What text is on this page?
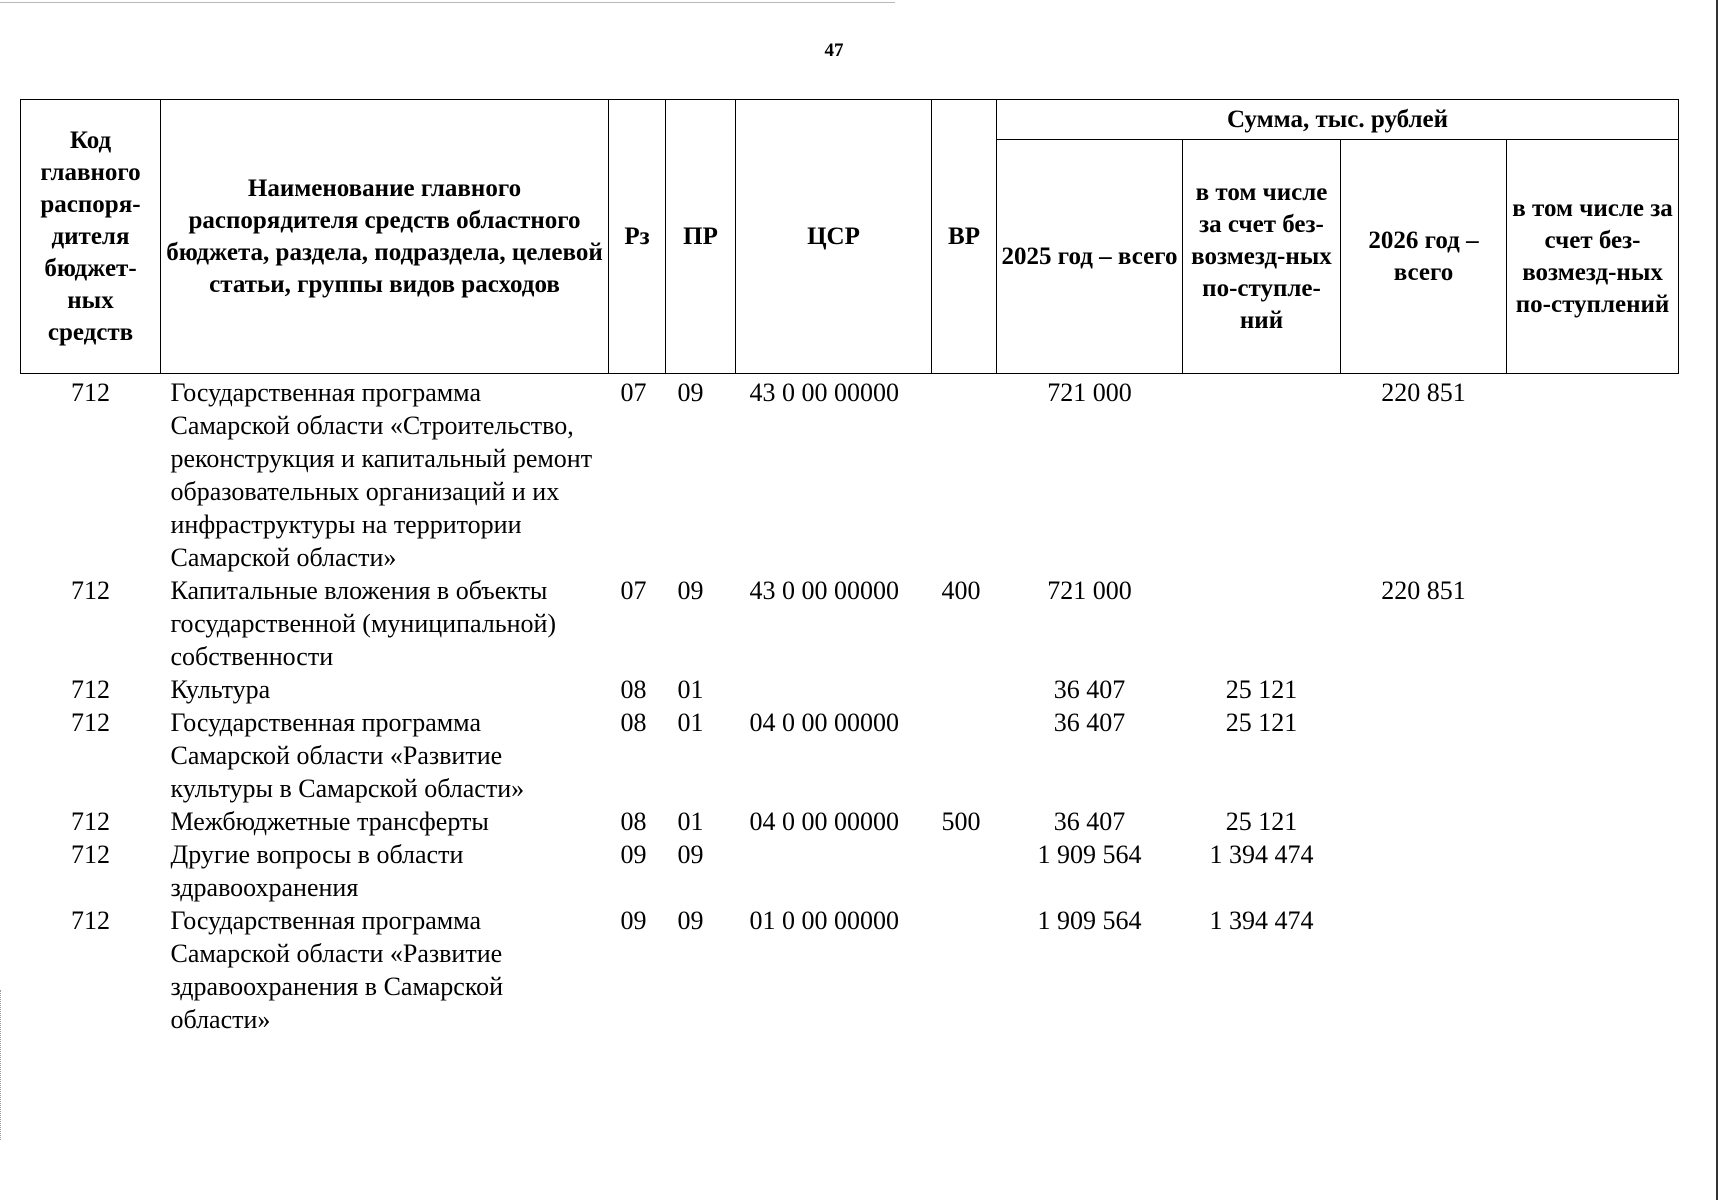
47
Код главного распоря-дителя бюджет-ных средств	Наименование главного распорядителя средств областного бюджета, раздела, подраздела, целевой статьи, группы видов расходов	Рз	ПР	ЦСР	ВР	Сумма, тыс. рублей			
						2025 год – всего	в том числе за счет без-возмезд-ных по-ступле-ний	2026 год – всего	в том числе за счет без-возмезд-ных по-ступлений
712	Государственная программа Самарской области «Строительство, реконструкция и капитальный ремонт образовательных организаций и их инфраструктуры на территории Самарской области»	07	09	43 0 00 00000		721 000		220 851	
712	Капитальные вложения в объекты государственной (муниципальной) собственности	07	09	43 0 00 00000	400	721 000		220 851	
712	Культура	08	01			36 407	25 121		
712	Государственная программа Самарской области «Развитие культуры в Самарской области»	08	01	04 0 00 00000		36 407	25 121		
712	Межбюджетные трансферты	08	01	04 0 00 00000	500	36 407	25 121		
712	Другие вопросы в области здравоохранения	09	09			1 909 564	1 394 474		
712	Государственная программа Самарской области «Развитие здравоохранения в Самарской области»	09	09	01 0 00 00000		1 909 564	1 394 474		
